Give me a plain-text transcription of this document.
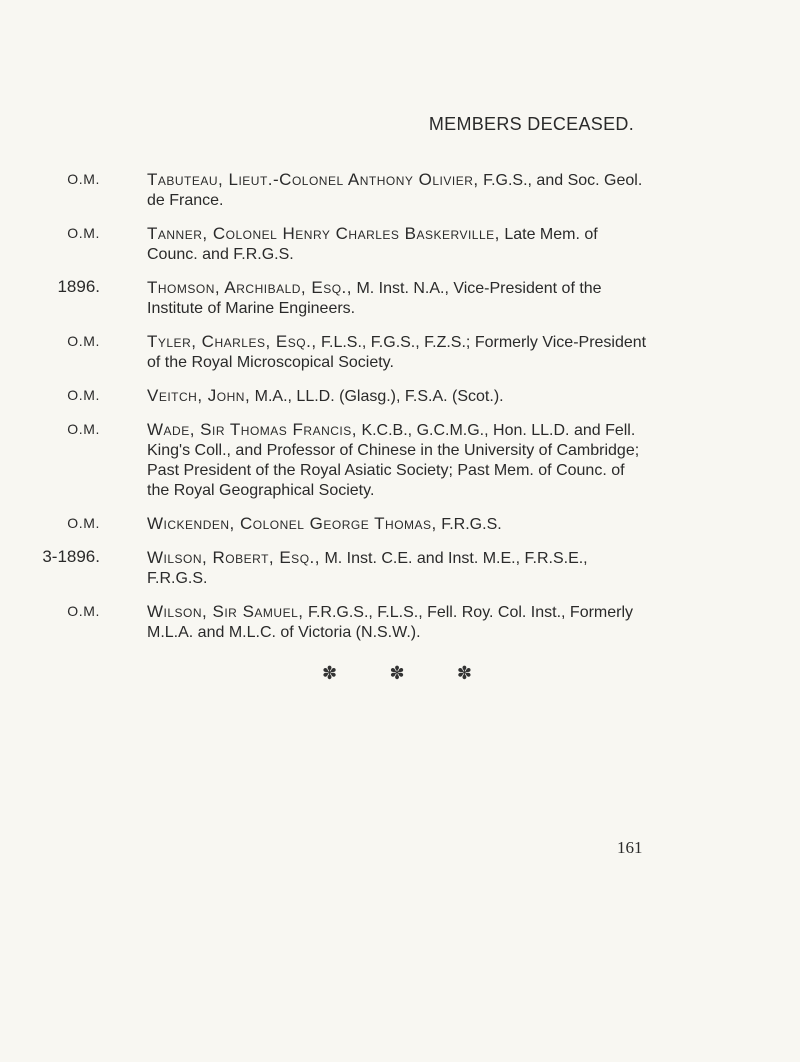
MEMBERS DECEASED.
O.M.	Tabuteau, Lieut.-Colonel Anthony Olivier, F.G.S., and Soc. Geol. de France.
O.M.	Tanner, Colonel Henry Charles Baskerville, Late Mem. of Counc. and F.R.G.S.
1896.	Thomson, Archibald, Esq., M. Inst. N.A., Vice-President of the Institute of Marine Engineers.
O.M.	Tyler, Charles, Esq., F.L.S., F.G.S., F.Z.S.; Formerly Vice-President of the Royal Microscopical Society.
O.M.	Veitch, John, M.A., LL.D. (Glasg.), F.S.A. (Scot.).
O.M.	Wade, Sir Thomas Francis, K.C.B., G.C.M.G., Hon. LL.D. and Fell. King's Coll., and Professor of Chinese in the University of Cambridge; Past President of the Royal Asiatic Society; Past Mem. of Counc. of the Royal Geographical Society.
O.M.	Wickenden, Colonel George Thomas, F.R.G.S.
3-1896.	Wilson, Robert, Esq., M. Inst. C.E. and Inst. M.E., F.R.S.E., F.R.G.S.
O.M.	Wilson, Sir Samuel, F.R.G.S., F.L.S., Fell. Roy. Col. Inst., Formerly M.L.A. and M.L.C. of Victoria (N.S.W.).
✽	✽	✽
161
